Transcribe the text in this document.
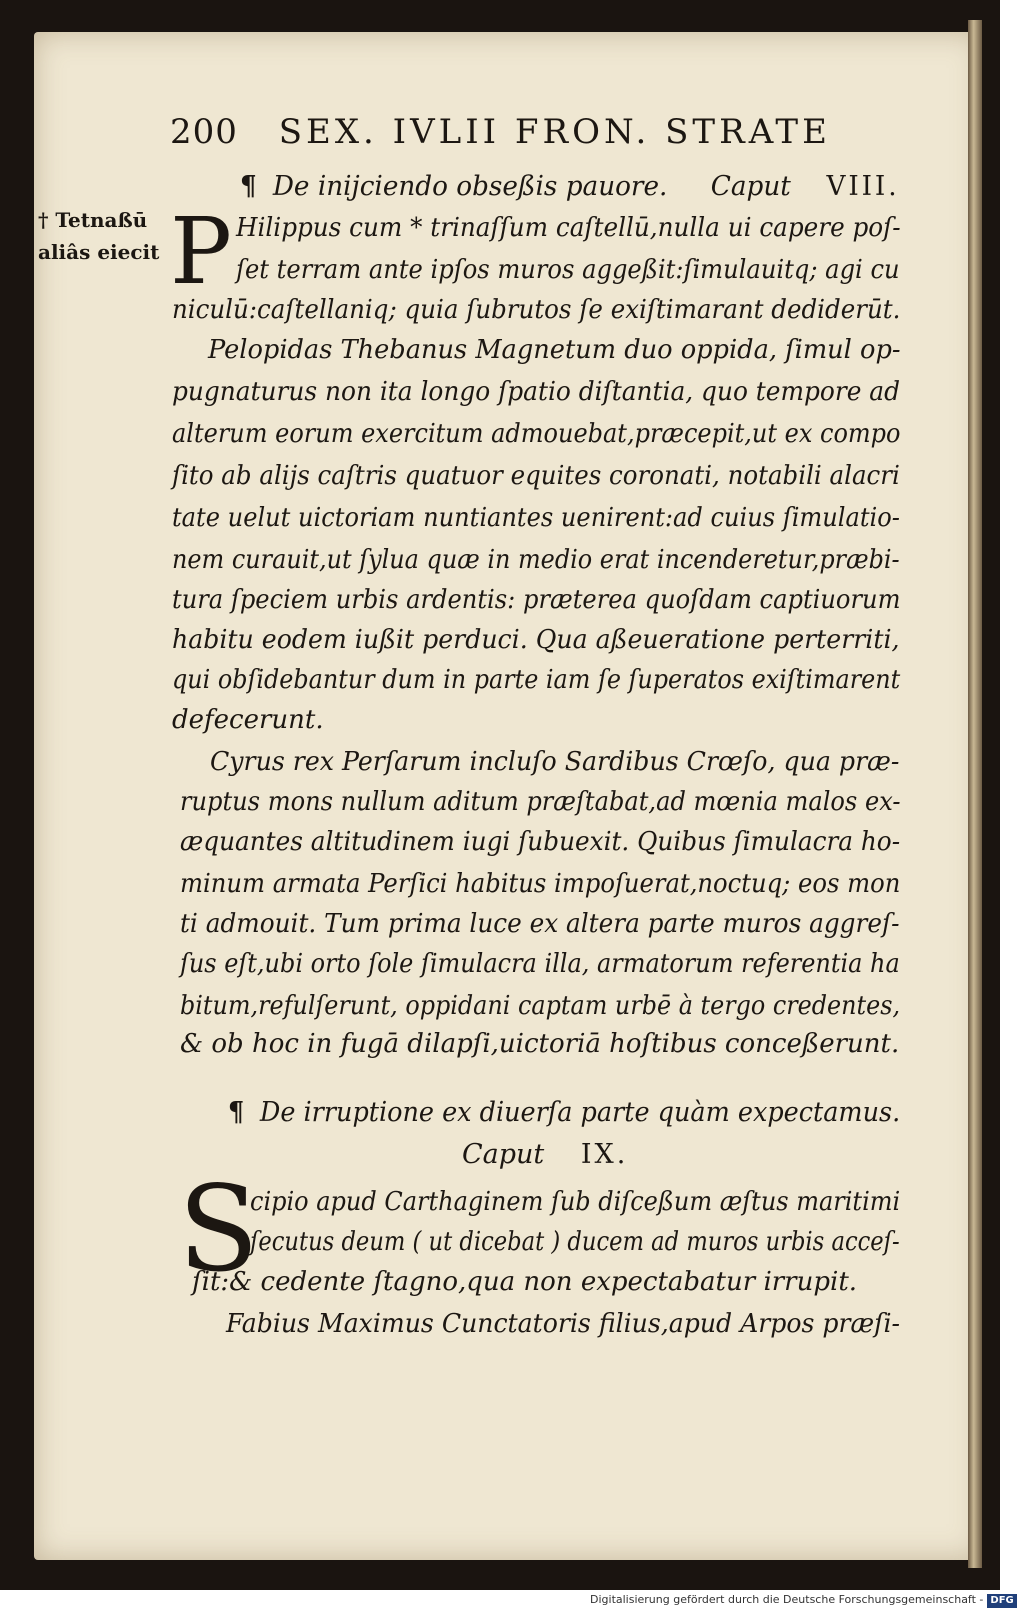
200 SEX. IVLII FRON. STRATE
¶ De inijciendo obseßis pauore. Caput VIII.
† Tetnaßū
aliâs eiecit P Hilippus cum * trinaſſum caſtellū,nulla ui capere poſ-
ſet terram ante ipſos muros aggeßit:ſimulauitq; agi cu
niculū:caſtellaniq; quia ſubrutos ſe exiſtimarant dediderūt.
Pelopidas Thebanus Magnetum duo oppida, ſimul op-
pugnaturus non ita longo ſpatio diſtantia, quo tempore ad
alterum eorum exercitum admouebat,præcepit,ut ex compo
ſito ab alijs caſtris quatuor equites coronati, notabili alacri
tate uelut uictoriam nuntiantes uenirent:ad cuius ſimulatio-
nem curauit,ut ſylua quæ in medio erat incenderetur,præbi-
tura ſpeciem urbis ardentis: præterea quoſdam captiuorum
habitu eodem iußit perduci. Qua aßeueratione perterriti,
qui obſidebantur dum in parte iam ſe ſuperatos exiſtimarent
defecerunt.
Cyrus rex Perſarum incluſo Sardibus Crœſo, qua præ-
ruptus mons nullum aditum præſtabat,ad mœnia malos ex-
æquantes altitudinem iugi ſubuexit. Quibus ſimulacra ho-
minum armata Perſici habitus impoſuerat,noctuq; eos mon
ti admouit. Tum prima luce ex altera parte muros aggreſ-
ſus eſt,ubi orto ſole ſimulacra illa, armatorum referentia ha
bitum,refulſerunt, oppidani captam urbē à tergo credentes,
& ob hoc in fugā dilapſi,uictoriā hoſtibus conceßerunt.
¶ De irruptione ex diuerſa parte quàm expectamus.
Caput IX.
S
cipio apud Carthaginem ſub diſceßum æſtus maritimi
ſecutus deum ( ut dicebat ) ducem ad muros urbis acceſ-
ſit:& cedente ſtagno,qua non expectabatur irrupit.
Fabius Maximus Cunctatoris filius,apud Arpos præſi-
Digitalisierung gefördert durch die Deutsche Forschungsgemeinschaft - DFG
